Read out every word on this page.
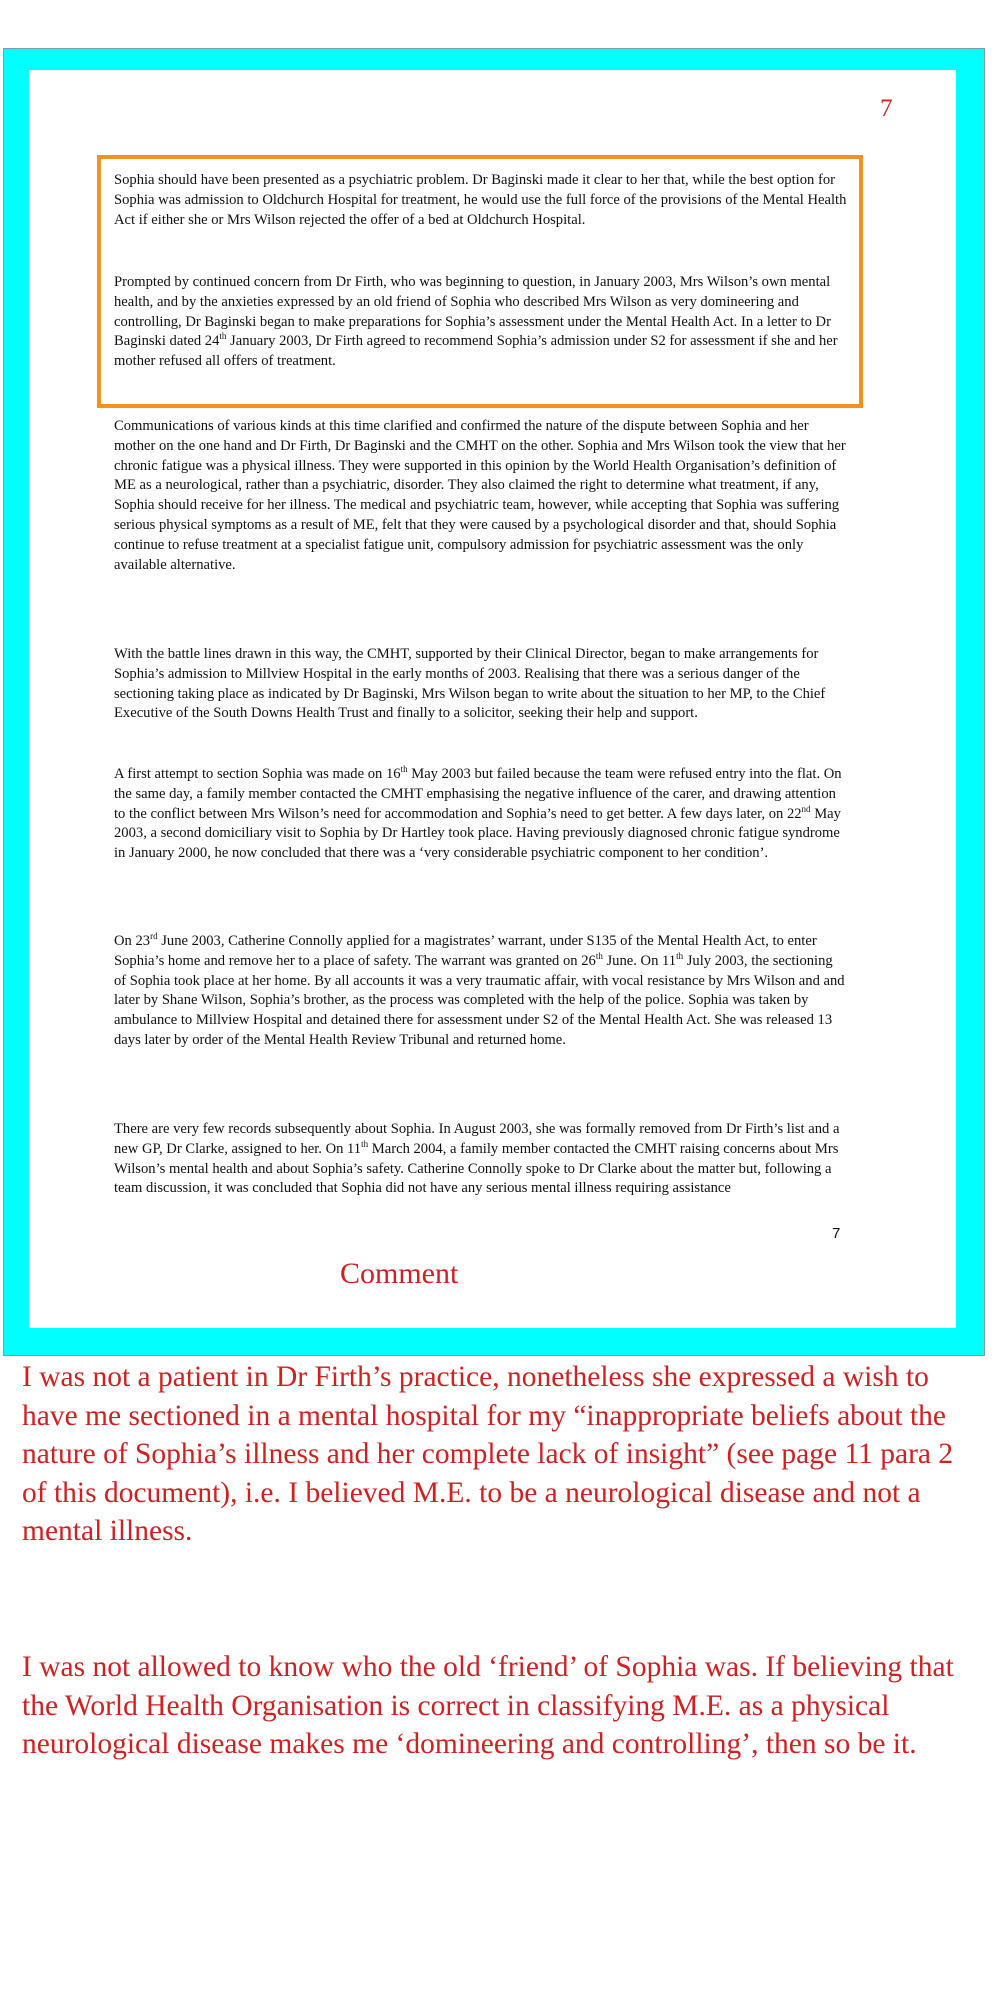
7

Sophia should have been presented as a psychiatric problem. Dr Baginski made it clear to her that, while the best option for Sophia was admission to Oldchurch Hospital for treatment, he would use the full force of the provisions of the Mental Health Act if either she or Mrs Wilson rejected the offer of a bed at Oldchurch Hospital.

Prompted by continued concern from Dr Firth, who was beginning to question, in January 2003, Mrs Wilson’s own mental health, and by the anxieties expressed by an old friend of Sophia who described Mrs Wilson as very domineering and controlling, Dr Baginski began to make preparations for Sophia’s assessment under the Mental Health Act. In a letter to Dr Baginski dated 24th January 2003, Dr Firth agreed to recommend Sophia’s admission under S2 for assessment if she and her mother refused all offers of treatment.

Communications of various kinds at this time clarified and confirmed the nature of the dispute between Sophia and her mother on the one hand and Dr Firth, Dr Baginski and the CMHT on the other. Sophia and Mrs Wilson took the view that her chronic fatigue was a physical illness. They were supported in this opinion by the World Health Organisation’s definition of ME as a neurological, rather than a psychiatric, disorder. They also claimed the right to determine what treatment, if any, Sophia should receive for her illness. The medical and psychiatric team, however, while accepting that Sophia was suffering serious physical symptoms as a result of ME, felt that they were caused by a psychological disorder and that, should Sophia continue to refuse treatment at a specialist fatigue unit, compulsory admission for psychiatric assessment was the only available alternative.

With the battle lines drawn in this way, the CMHT, supported by their Clinical Director, began to make arrangements for Sophia’s admission to Millview Hospital in the early months of 2003. Realising that there was a serious danger of the sectioning taking place as indicated by Dr Baginski, Mrs Wilson began to write about the situation to her MP, to the Chief Executive of the South Downs Health Trust and finally to a solicitor, seeking their help and support.

A first attempt to section Sophia was made on 16th May 2003 but failed because the team were refused entry into the flat. On the same day, a family member contacted the CMHT emphasising the negative influence of the carer, and drawing attention to the conflict between Mrs Wilson’s need for accommodation and Sophia’s need to get better. A few days later, on 22nd May 2003, a second domiciliary visit to Sophia by Dr Hartley took place. Having previously diagnosed chronic fatigue syndrome in January 2000, he now concluded that there was a ‘very considerable psychiatric component to her condition’.

On 23rd June 2003, Catherine Connolly applied for a magistrates’ warrant, under S135 of the Mental Health Act, to enter Sophia’s home and remove her to a place of safety. The warrant was granted on 26th June. On 11th July 2003, the sectioning of Sophia took place at her home. By all accounts it was a very traumatic affair, with vocal resistance by Mrs Wilson and and later by Shane Wilson, Sophia’s brother, as the process was completed with the help of the police. Sophia was taken by ambulance to Millview Hospital and detained there for assessment under S2 of the Mental Health Act. She was released 13 days later by order of the Mental Health Review Tribunal and returned home.

There are very few records subsequently about Sophia. In August 2003, she was formally removed from Dr Firth’s list and a new GP, Dr Clarke, assigned to her. On 11th March 2004, a family member contacted the CMHT raising concerns about Mrs Wilson’s mental health and about Sophia’s safety. Catherine Connolly spoke to Dr Clarke about the matter but, following a team discussion, it was concluded that Sophia did not have any serious mental illness requiring assistance

7
Comment

I was not a patient in Dr Firth’s practice, nonetheless she expressed a wish to have me sectioned in a mental hospital for my “inappropriate beliefs about the nature of Sophia’s illness and her complete lack of insight” (see page 11 para 2 of this document), i.e. I believed M.E. to be a neurological disease and not a mental illness.

I was not allowed to know who the old ‘friend’ of Sophia was. If believing that the World Health Organisation is correct in classifying M.E. as a physical neurological disease makes me ‘domineering and controlling’, then so be it.
